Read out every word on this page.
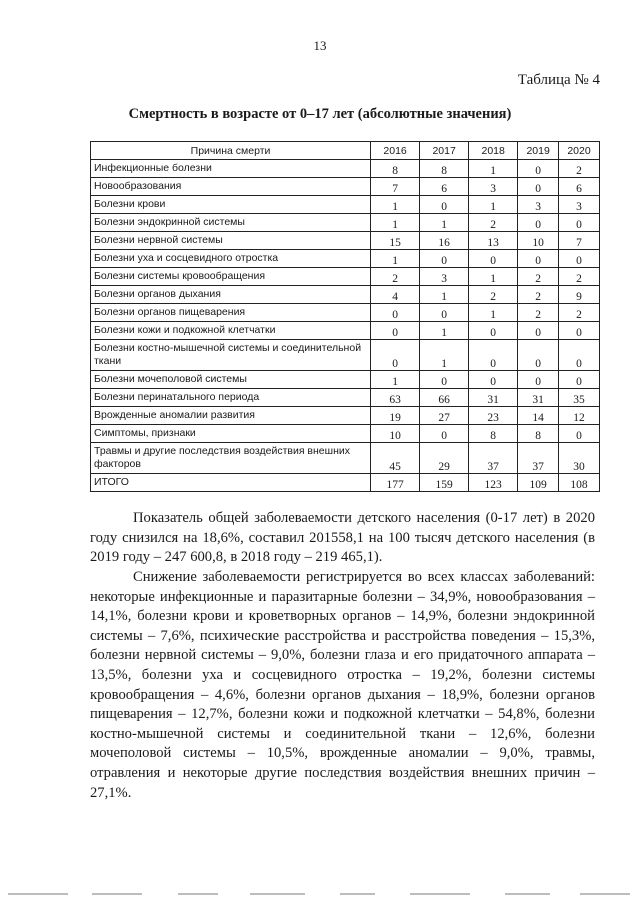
13
Таблица № 4
Смертность в возрасте от 0–17 лет (абсолютные значения)
Причина смерти	2016	2017	2018	2019	2020
Инфекционные болезни	8	8	1	0	2
Новообразования	7	6	3	0	6
Болезни крови	1	0	1	3	3
Болезни эндокринной системы	1	1	2	0	0
Болезни нервной системы	15	16	13	10	7
Болезни уха и сосцевидного отростка	1	0	0	0	0
Болезни системы кровообращения	2	3	1	2	2
Болезни органов дыхания	4	1	2	2	9
Болезни органов пищеварения	0	0	1	2	2
Болезни кожи и подкожной клетчатки	0	1	0	0	0
Болезни костно-мышечной системы и соединительной ткани	0	1	0	0	0
Болезни мочеполовой системы	1	0	0	0	0
Болезни перинатального периода	63	66	31	31	35
Врожденные аномалии развития	19	27	23	14	12
Симптомы, признаки	10	0	8	8	0
Травмы и другие последствия воздействия внешних факторов	45	29	37	37	30
ИТОГО	177	159	123	109	108
Показатель общей заболеваемости детского населения (0-17 лет) в 2020 году снизился на 18,6%, составил 201558,1 на 100 тысяч детского населения (в 2019 году – 247 600,8, в 2018 году – 219 465,1).
Снижение заболеваемости регистрируется во всех классах заболеваний: некоторые инфекционные и паразитарные болезни – 34,9%, новообразования – 14,1%, болезни крови и кроветворных органов – 14,9%, болезни эндокринной системы – 7,6%, психические расстройства и расстройства поведения – 15,3%, болезни нервной системы – 9,0%, болезни глаза и его придаточного аппарата – 13,5%, болезни уха и сосцевидного отростка – 19,2%, болезни системы кровообращения – 4,6%, болезни органов дыхания – 18,9%, болезни органов пищеварения – 12,7%, болезни кожи и подкожной клетчатки – 54,8%, болезни костно-мышечной системы и соединительной ткани – 12,6%, болезни мочеполовой системы – 10,5%, врожденные аномалии – 9,0%, травмы, отравления и некоторые другие последствия воздействия внешних причин – 27,1%.
